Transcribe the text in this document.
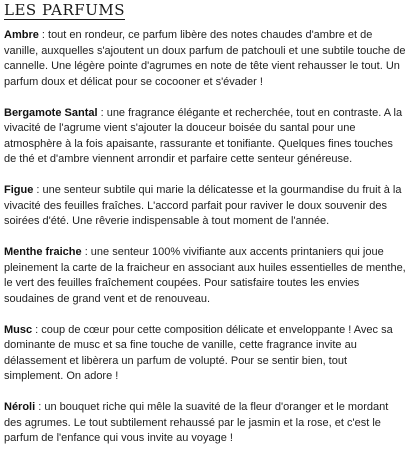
LES PARFUMS

Ambre : tout en rondeur, ce parfum libère des notes chaudes d'ambre et de vanille, auxquelles s'ajoutent un doux parfum de patchouli et une subtile touche de cannelle. Une légère pointe d'agrumes en note de tête vient rehausser le tout. Un parfum doux et délicat pour se cocooner et s'évader !

Bergamote Santal : une fragrance élégante et recherchée, tout en contraste. A la vivacité de l'agrume vient s'ajouter la douceur boisée du santal pour une atmosphère à la fois apaisante, rassurante et tonifiante. Quelques fines touches de thé et d'ambre viennent arrondir et parfaire cette senteur généreuse.

Figue : une senteur subtile qui marie la délicatesse et la gourmandise du fruit à la vivacité des feuilles fraîches. L'accord parfait pour raviver le doux souvenir des soirées d'été. Une rêverie indispensable à tout moment de l'année.

Menthe fraiche : une senteur 100% vivifiante aux accents printaniers qui joue pleinement la carte de la fraicheur en associant aux huiles essentielles de menthe, le vert des feuilles fraîchement coupées. Pour satisfaire toutes les envies soudaines de grand vent et de renouveau.

Musc : coup de cœur pour cette composition délicate et enveloppante ! Avec sa dominante de musc et sa fine touche de vanille, cette fragrance invite au délassement et libèrera un parfum de volupté. Pour se sentir bien, tout simplement. On adore !

Néroli : un bouquet riche qui mêle la suavité de la fleur d'oranger et le mordant des agrumes. Le tout subtilement rehaussé par le jasmin et la rose, et c'est le parfum de l'enfance qui vous invite au voyage !
